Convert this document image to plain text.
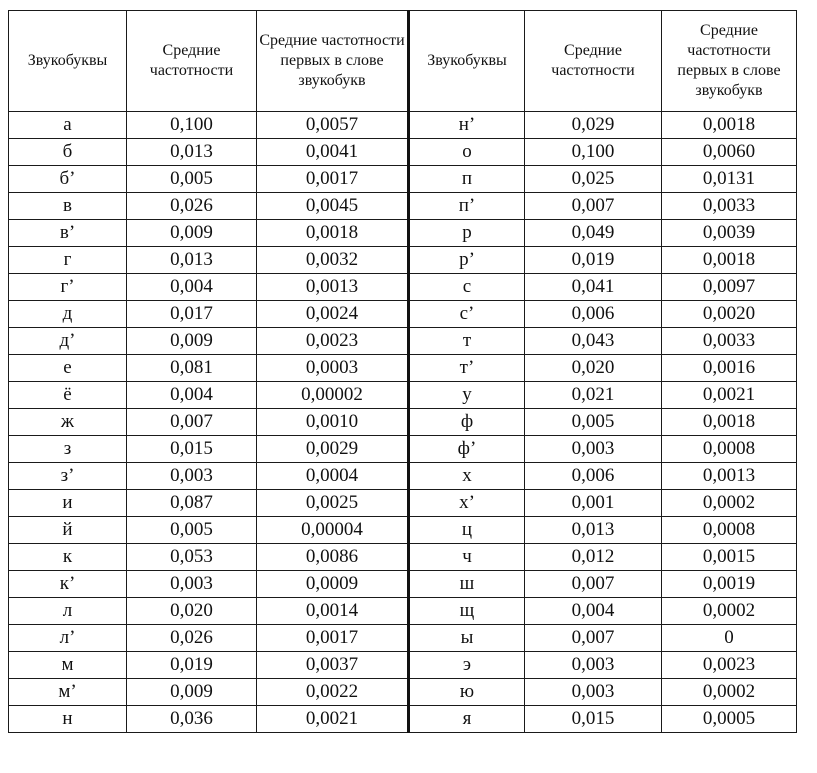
Звукобуквы	Средние частотности	Средние частотности первых в слове звукобукв	Звукобуквы	Средние частотности	Средние частотности первых в слове звукобукв
а	0,100	0,0057	н’	0,029	0,0018
б	0,013	0,0041	о	0,100	0,0060
б’	0,005	0,0017	п	0,025	0,0131
в	0,026	0,0045	п’	0,007	0,0033
в’	0,009	0,0018	р	0,049	0,0039
г	0,013	0,0032	р’	0,019	0,0018
г’	0,004	0,0013	с	0,041	0,0097
д	0,017	0,0024	с’	0,006	0,0020
д’	0,009	0,0023	т	0,043	0,0033
е	0,081	0,0003	т’	0,020	0,0016
ё	0,004	0,00002	у	0,021	0,0021
ж	0,007	0,0010	ф	0,005	0,0018
з	0,015	0,0029	ф’	0,003	0,0008
з’	0,003	0,0004	х	0,006	0,0013
и	0,087	0,0025	х’	0,001	0,0002
й	0,005	0,00004	ц	0,013	0,0008
к	0,053	0,0086	ч	0,012	0,0015
к’	0,003	0,0009	ш	0,007	0,0019
л	0,020	0,0014	щ	0,004	0,0002
л’	0,026	0,0017	ы	0,007	0
м	0,019	0,0037	э	0,003	0,0023
м’	0,009	0,0022	ю	0,003	0,0002
н	0,036	0,0021	я	0,015	0,0005
